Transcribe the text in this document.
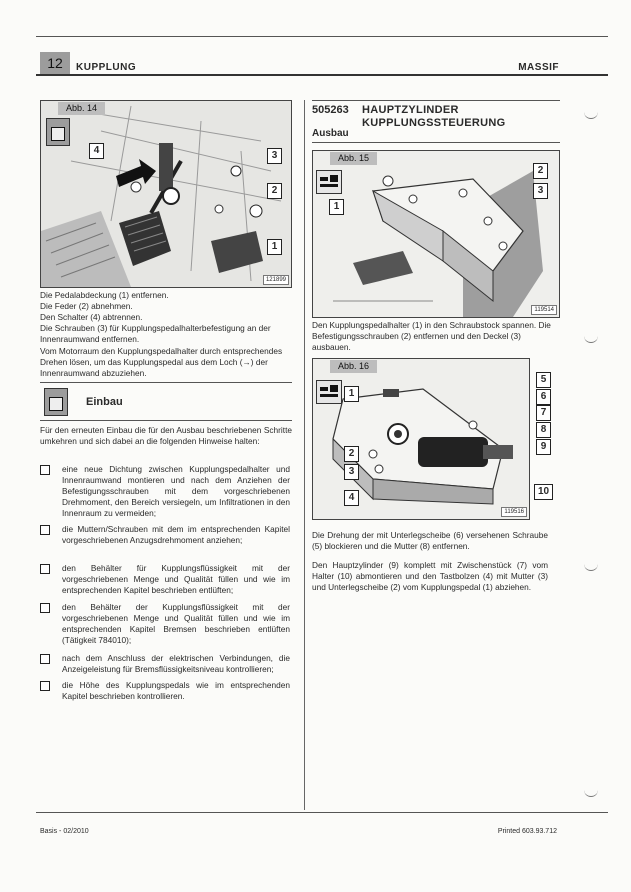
12	KUPPLUNG	MASSIF
4	3
2
1
121899
Abb. 14

Die Pedalabdeckung (1) entfernen.

Die Feder (2) abnehmen.

Den Schalter (4) abtrennen.

Die Schrauben (3) für Kupplungspedalhalterbefestigung an der Innenraumwand entfernen.

Vom Motorraum den Kupplungspedalhalter durch entsprechendes Drehen lösen, um das Kupplungspedal aus dem Loch (→) der Innenraumwand abzuziehen.
Einbau
Für den erneuten Einbau die für den Ausbau beschriebenen Schritte umkehren und sich dabei an die folgenden Hinweise halten:
eine neue Dichtung zwischen Kupplungspedalhalter und Innenraumwand montieren und nach dem Anziehen der Befestigungsschrauben mit dem vorgeschriebenen Drehmoment, den Bereich versiegeln, um Infiltrationen in den Innenraum zu vermeiden;
die Muttern/Schrauben mit dem im entsprechenden Kapitel vorgeschriebenen Anzugsdrehmoment anziehen;
den Behälter für Kupplungsflüssigkeit mit der vorgeschriebenen Menge und Qualität füllen und wie im entsprechenden Kapitel beschrieben entlüften;
den Behälter der Kupplungsflüssigkeit mit der vorgeschriebenen Menge und Qualität füllen und wie im entsprechenden Kapitel Bremsen beschrieben entlüften (Tätigkeit 784010);
nach dem Anschluss der elektrischen Verbindungen, die Anzeigeleistung für Bremsflüssigkeitsniveau kontrollieren;
die Höhe des Kupplungspedals wie im entsprechenden Kapitel beschrieben kontrollieren.
505263 HAUPTZYLINDER
KUPPLUNGSSTEUERUNG
Ausbau
2
3
1
119514
Abb. 15
Den Kupplungspedalhalter (1) in den Schraubstock spannen. Die Befestigungsschrauben (2) entfernen und den Deckel (3) ausbauen.
119516
Abb. 16
5
1	6
7
8
2
9
3
4
10
Die Drehung der mit Unterlegscheibe (6) versehenen Schraube (5) blockieren und die Mutter (8) entfernen.
Den Hauptzylinder (9) komplett mit Zwischenstück (7) vom Halter (10) abmontieren und den Tastbolzen (4) mit Mutter (3) und Unterlegscheibe (2) vom Kupplungspedal (1) abziehen.
Basis - 02/2010	Printed 603.93.712
